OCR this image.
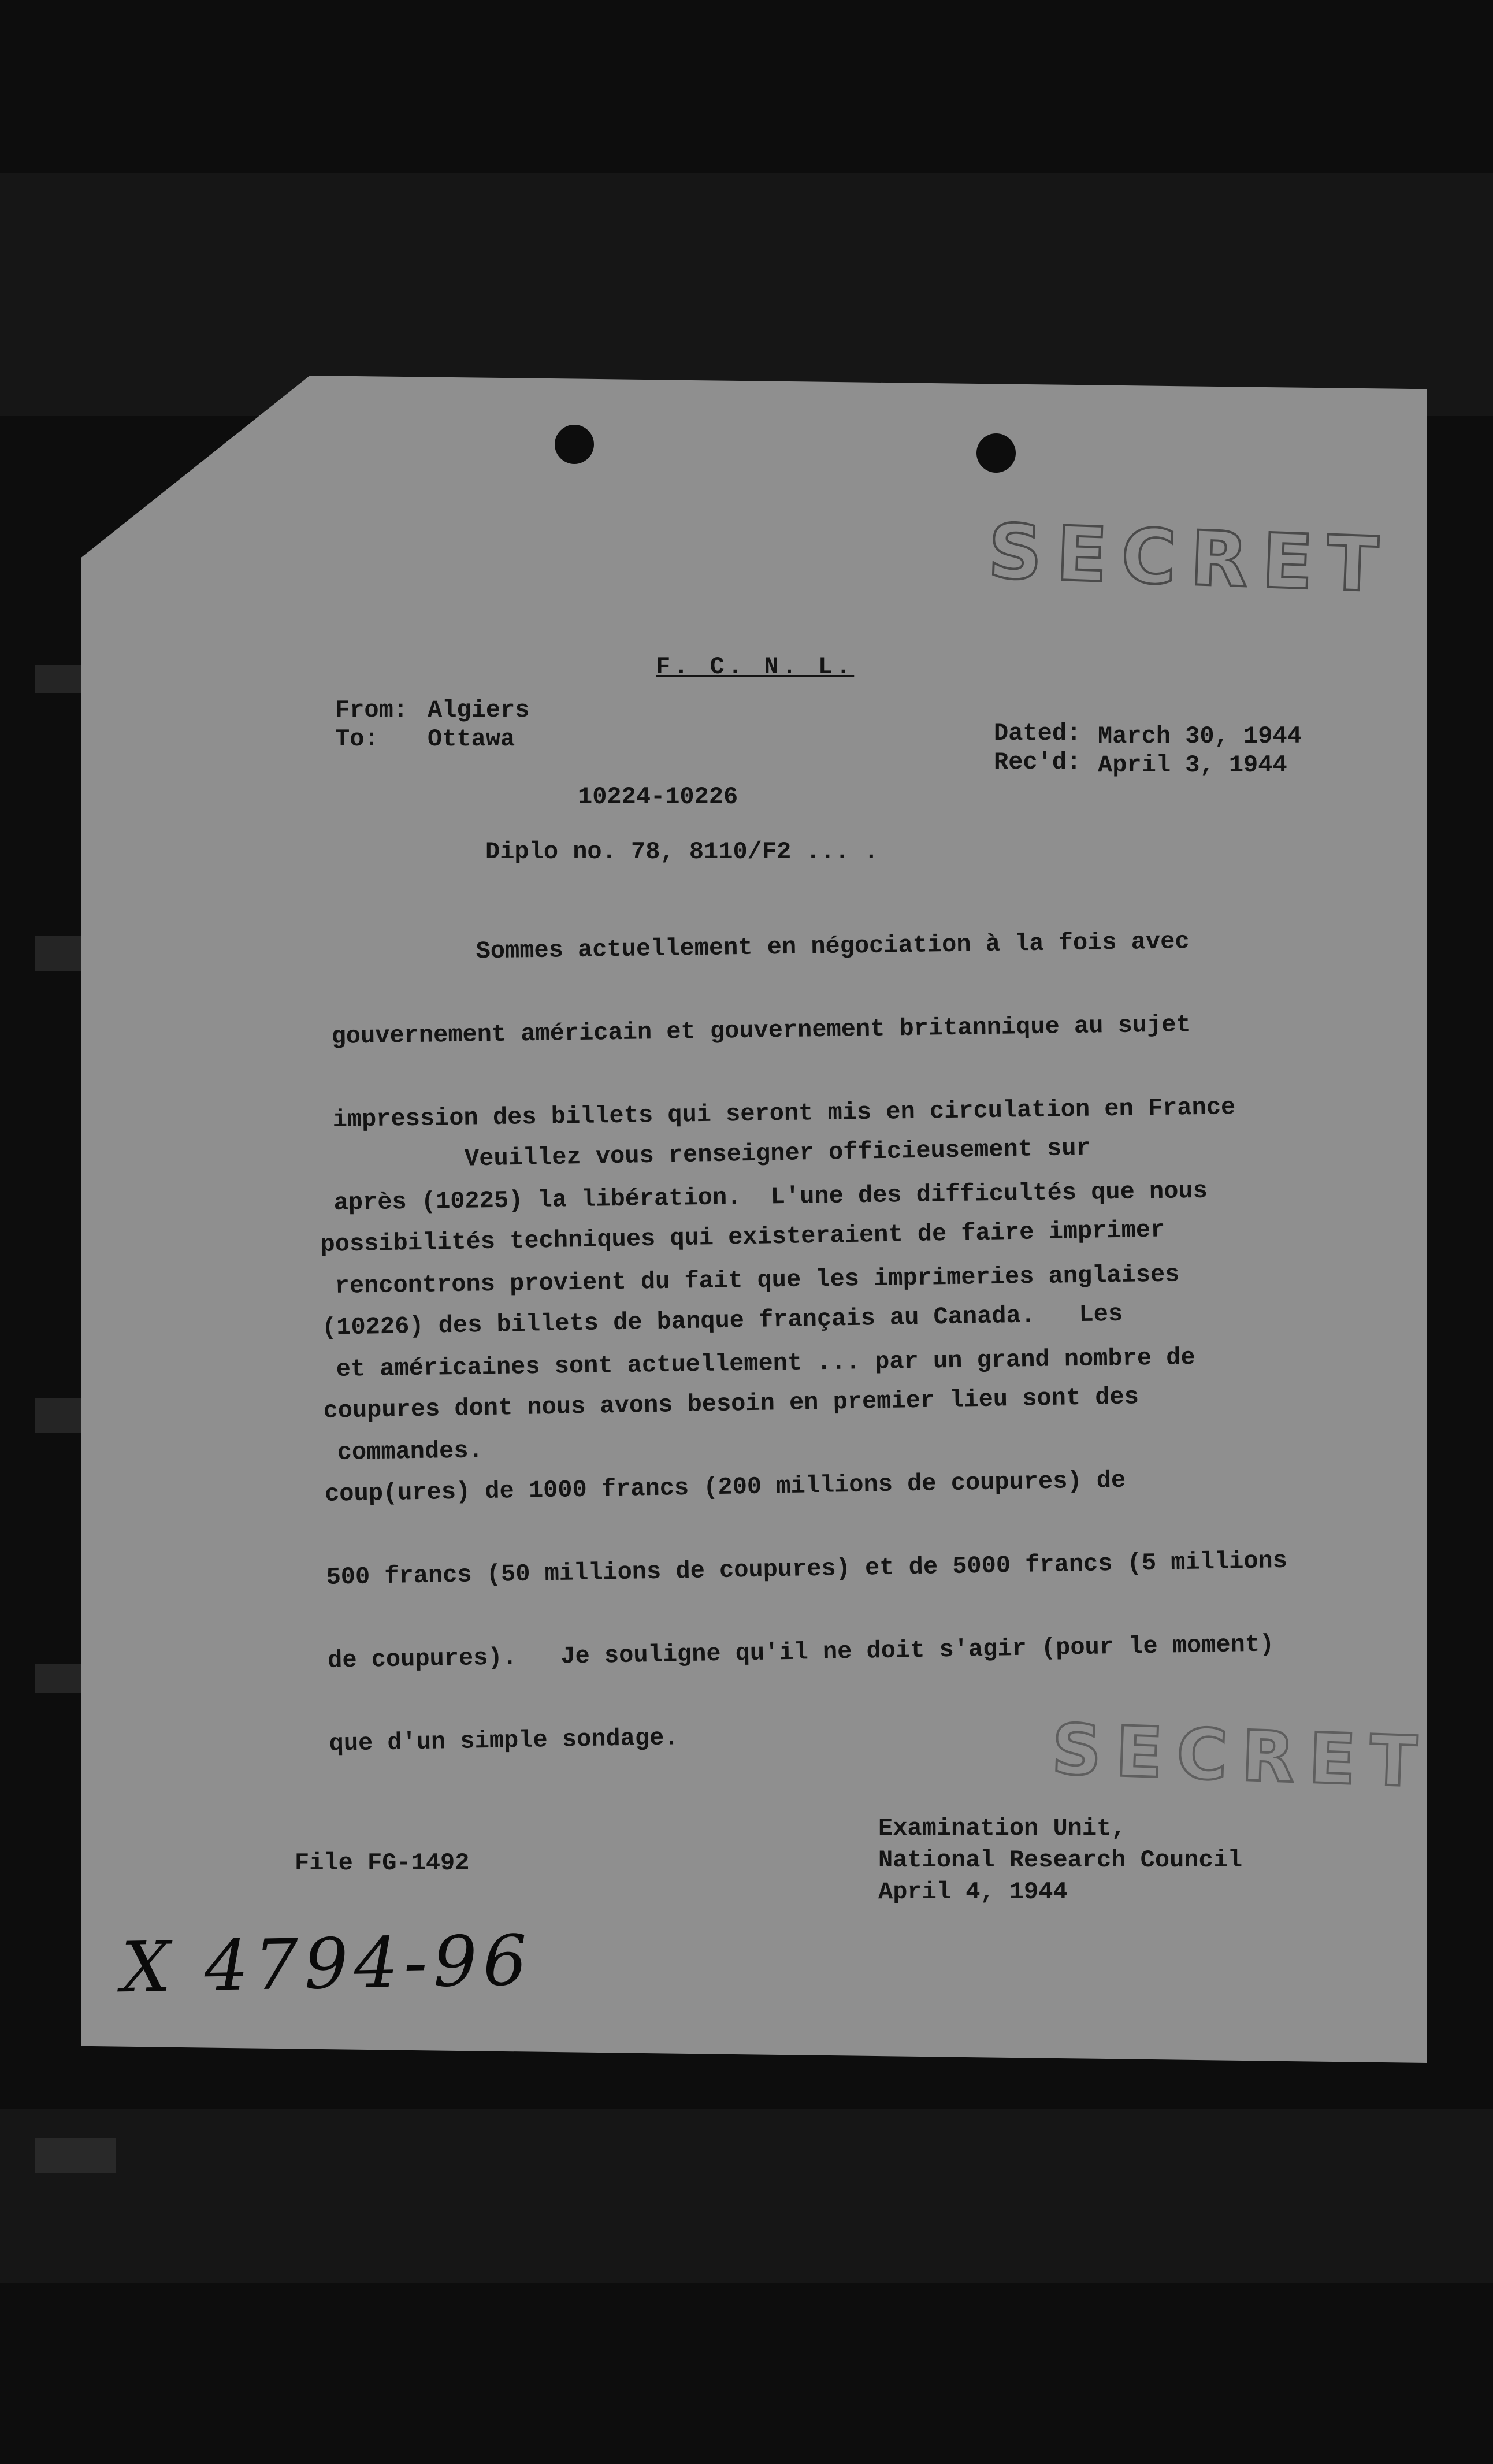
SECRET
SECRET
F. C. N. L.
From: Algiers
To: Ottawa	Dated: March 30, 1944
Rec'd: April 3, 1944
10224-10226
Diplo no. 78, 8110/F2 ... .

Sommes actuellement en négociation à la fois avec

gouvernement américain et gouvernement britannique au sujet

impression des billets qui seront mis en circulation en France

après (10225) la libération.  L'une des difficultés que nous

rencontrons provient du fait que les imprimeries anglaises

et américaines sont actuellement ... par un grand nombre de

commandes.

Veuillez vous renseigner officieusement sur

possibilités techniques qui existeraient de faire imprimer

(10226) des billets de banque français au Canada.   Les

coupures dont nous avons besoin en premier lieu sont des

coup(ures) de 1000 francs (200 millions de coupures) de

500 francs (50 millions de coupures) et de 5000 francs (5 millions

de coupures).   Je souligne qu'il ne doit s'agir (pour le moment)

que d'un simple sondage.

File FG-1492
Examination Unit,
National Research Council
April 4, 1944
X 4794-96
